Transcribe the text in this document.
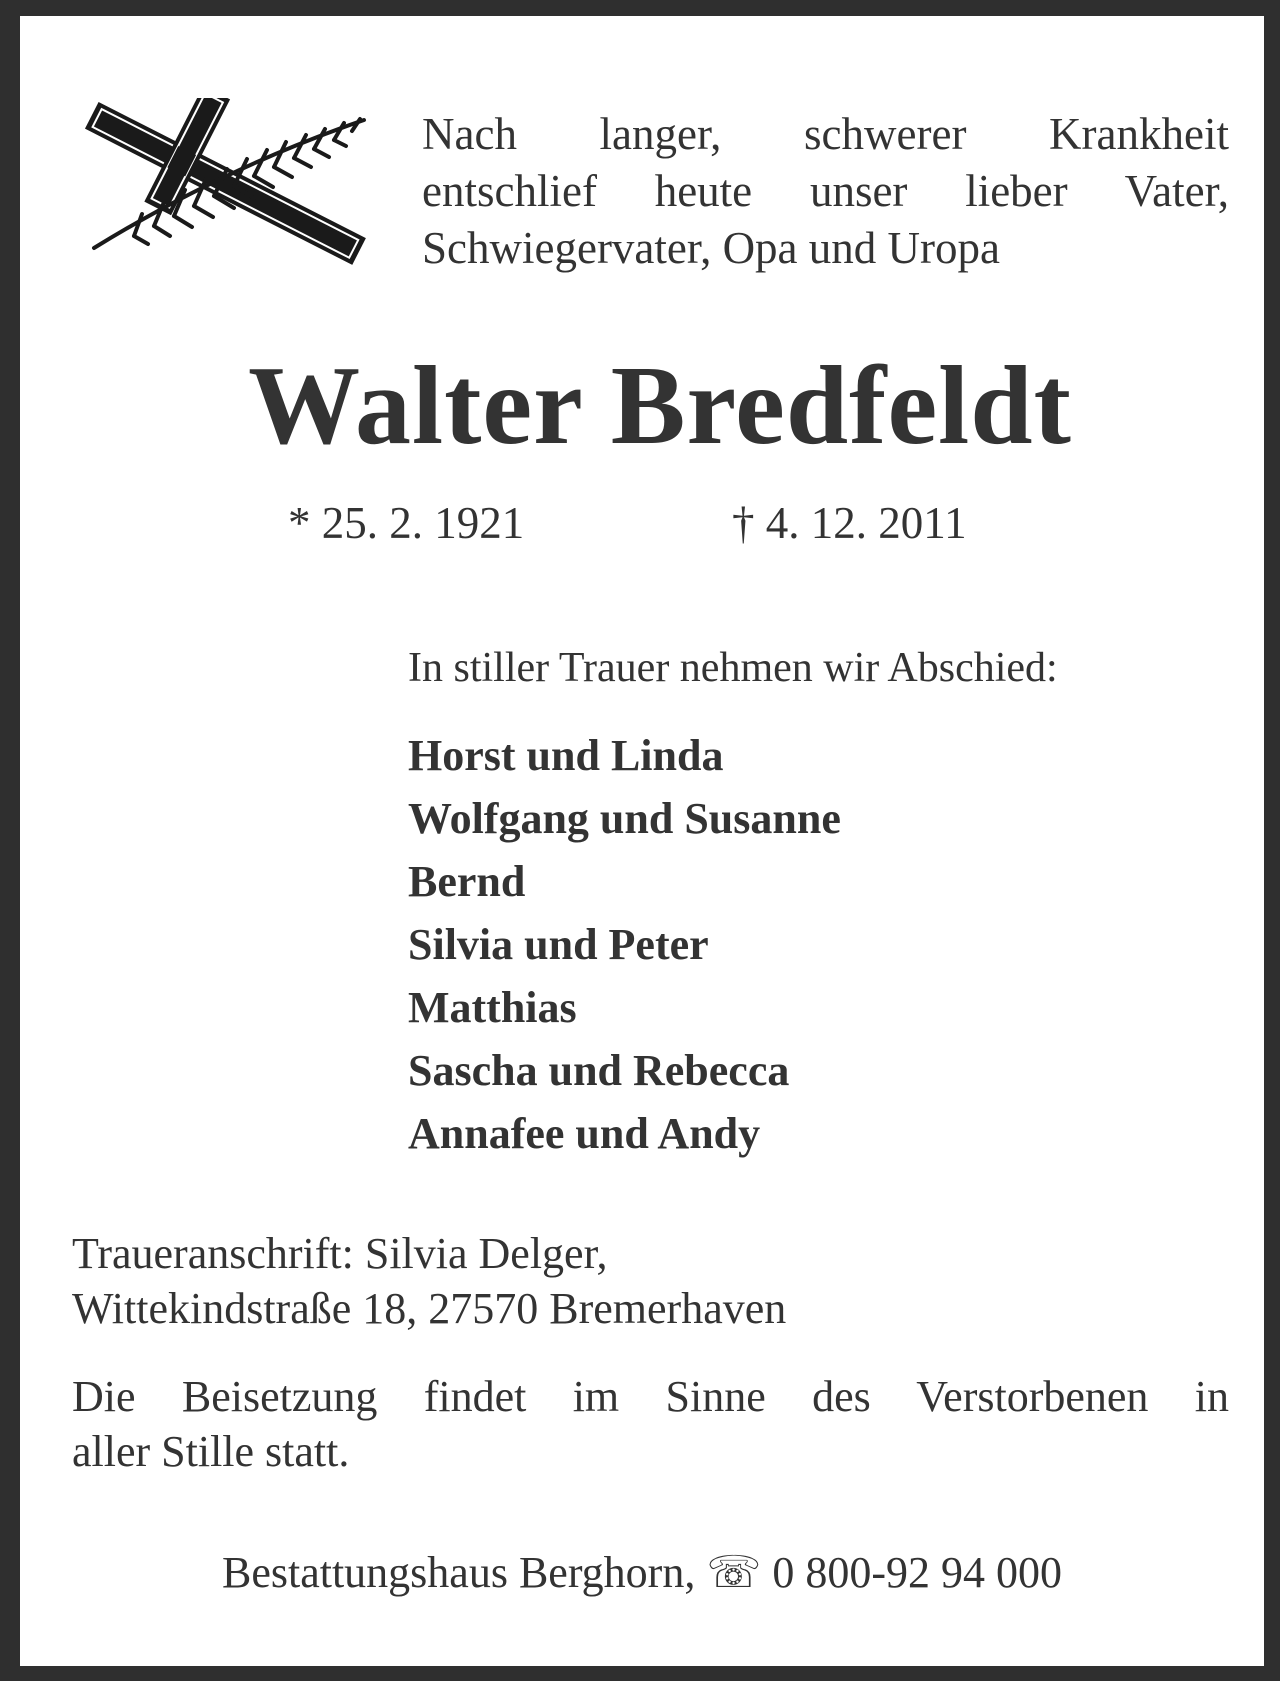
Nach langer, schwerer Krankheit
entschlief heute unser lieber Vater,
Schwiegervater, Opa und Uropa

Walter Bredfeldt
* 25. 2. 1921	† 4. 12. 2011

In stiller Trauer nehmen wir Abschied:

Horst und Linda
Wolfgang und Susanne
Bernd
Silvia und Peter
Matthias
Sascha und Rebecca
Annafee und Andy

Traueranschrift: Silvia Delger,
Wittekindstraße 18, 27570 Bremerhaven

Die Beisetzung findet im Sinne des Verstorbenen in
aller Stille statt.

Bestattungshaus Berghorn, ☏ 0 800-92 94 000
